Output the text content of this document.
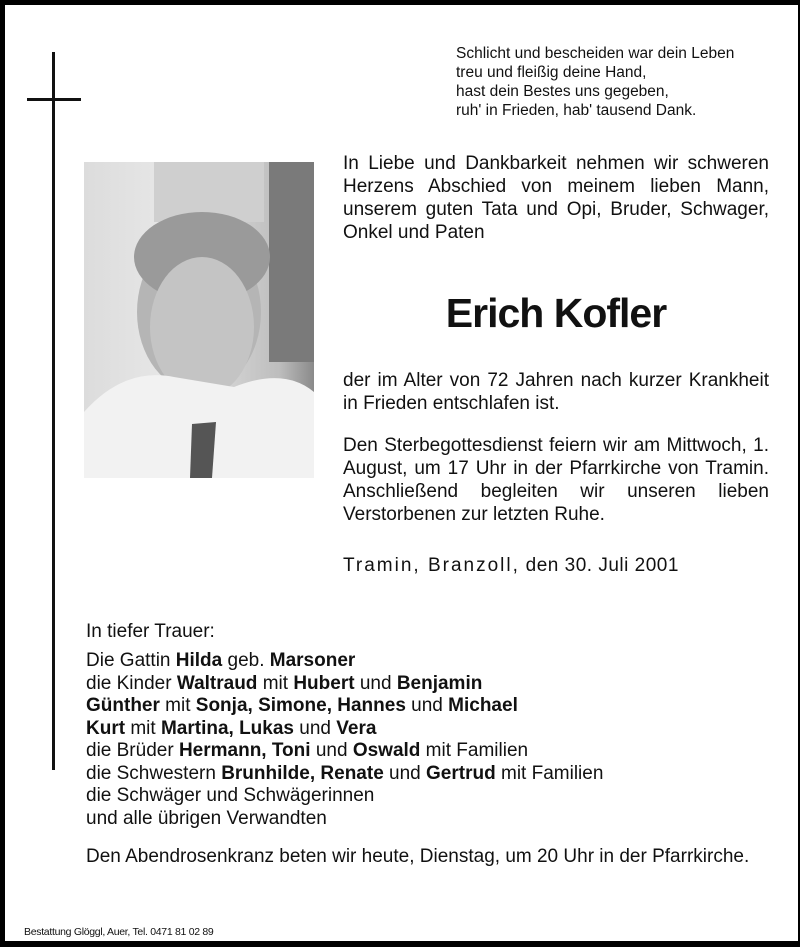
Schlicht und bescheiden war dein Leben
treu und fleißig deine Hand,
hast dein Bestes uns gegeben,
ruh' in Frieden, hab' tausend Dank.

In Liebe und Dankbarkeit nehmen wir schweren Herzens Abschied von meinem lieben Mann, unserem guten Tata und Opi, Bruder, Schwager, Onkel und Paten

Erich Kofler

der im Alter von 72 Jahren nach kurzer Krankheit in Frieden entschlafen ist.

Den Sterbegottesdienst feiern wir am Mittwoch, 1. August, um 17 Uhr in der Pfarrkirche von Tramin. Anschließend begleiten wir unseren lieben Verstorbenen zur letzten Ruhe.

Tramin, Branzoll, den 30. Juli 2001
In tiefer Trauer:
Die Gattin Hilda geb. Marsoner
die Kinder Waltraud mit Hubert und Benjamin
Günther mit Sonja, Simone, Hannes und Michael
Kurt mit Martina, Lukas und Vera
die Brüder Hermann, Toni und Oswald mit Familien
die Schwestern Brunhilde, Renate und Gertrud mit Familien
die Schwäger und Schwägerinnen
und alle übrigen Verwandten
Den Abendrosenkranz beten wir heute, Dienstag, um 20 Uhr in der Pfarrkirche.
Bestattung Glöggl, Auer, Tel. 0471 81 02 89
